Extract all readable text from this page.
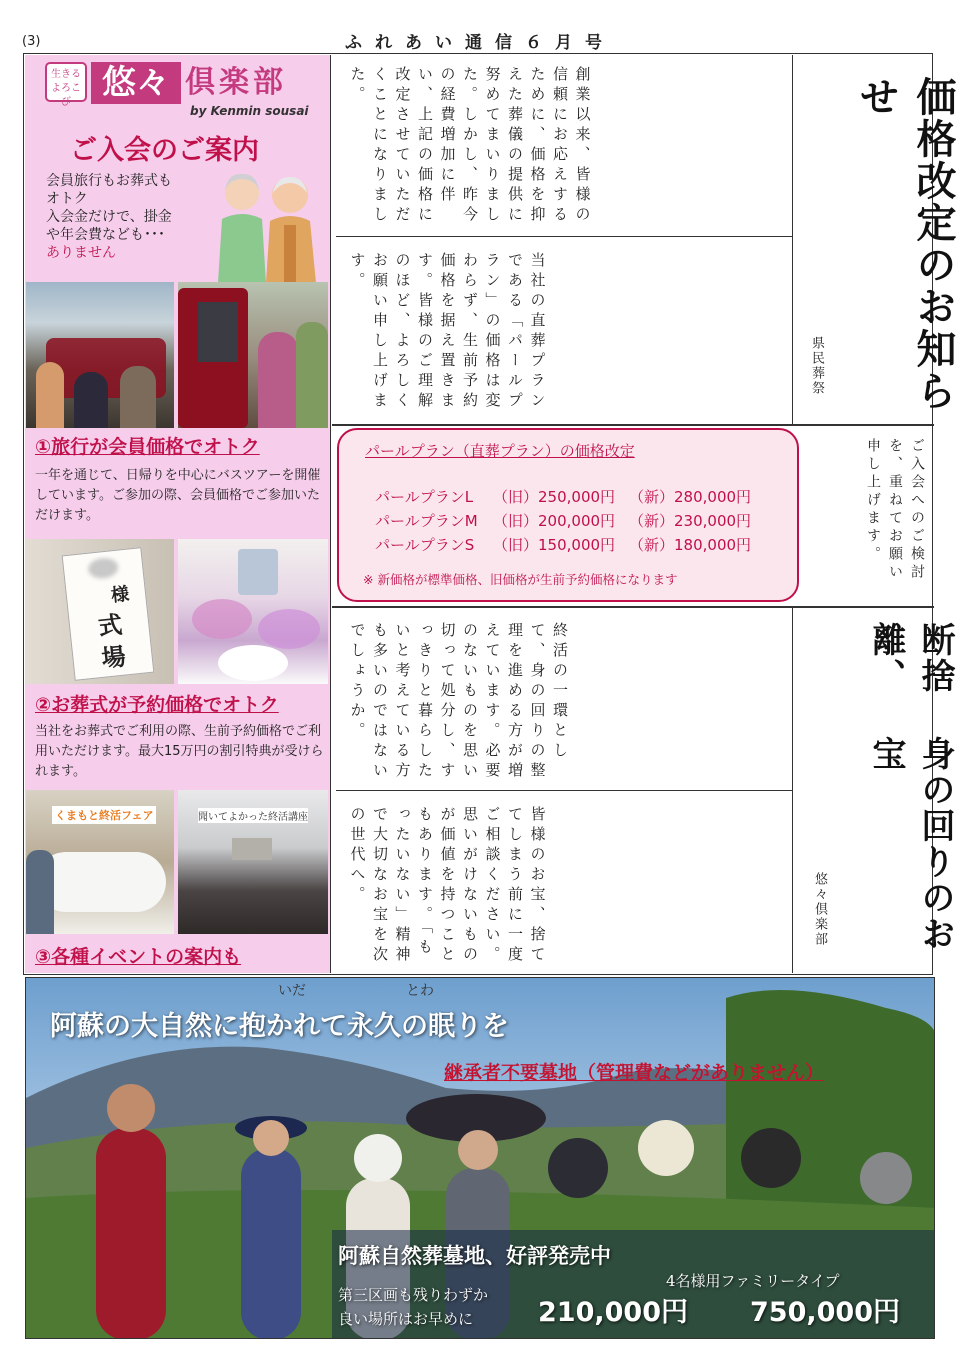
(3)	ふれあい通信６月号
生きる
よろこび 悠々 倶楽部
by Kenmin sousai
ご入会のご案内
会員旅行もお葬式も
オトク
入会金だけで、掛金
や年会費なども･･･
ありません
①旅行が会員価格でオトク
一年を通じて、日帰りを中心にバスツアーを開催しています。ご参加の際、会員価格でご参加いただけます。
様
式
場
②お葬式が予約価格でオトク
当社をお葬式でご利用の際、生前予約価格でご利用いただけます。最大15万円の割引特典が受けられます。
くまもと終活フェア	聞いてよかった終活講座
③各種イベントの案内も
創業以来、皆様の信頼にお応えするために、価格を抑えた葬儀の提供に努めてまいりました。しかし、昨今の経費増加に伴い、上記の価格に改定させていただくことになりました。
当社の直葬プランである「パールプラン」の価格は変わらず、生前予約価格を据え置きます。皆様のご理解のほど、よろしくお願い申し上げます。	価格改定のお知らせ
県民葬祭
パールプラン（直葬プラン）の価格改定
パールプランL	（旧）250,000円 （新）280,000円
パールプランM	（旧）200,000円 （新）230,000円
パールプランS	（旧）150,000円 （新）180,000円
※ 新価格が標準価格、旧価格が生前予約価格になります	ご入会へのご検討を、重ねてお願い申し上げます。
終活の一環として、身の回りの整理を進める方が増えています。必要のないものを思い切って処分し、すっきりと暮らしたいと考えている方も多いのではないでしょうか。
皆様のお宝、捨ててしまう前に一度ご相談ください。思いがけないものが価値を持つこともあります。「もったいない」精神で大切なお宝を次の世代へ。
断捨離、
身の回りのお宝
悠々倶楽部
いだ	とわ
阿蘇の大自然に抱かれて永久の眠りを
継承者不要墓地（管理費などがありません）
阿蘇自然葬墓地、好評発売中
第三区画も残りわずか
良い場所はお早めに 210,000円
4名様用ファミリータイプ
750,000円
